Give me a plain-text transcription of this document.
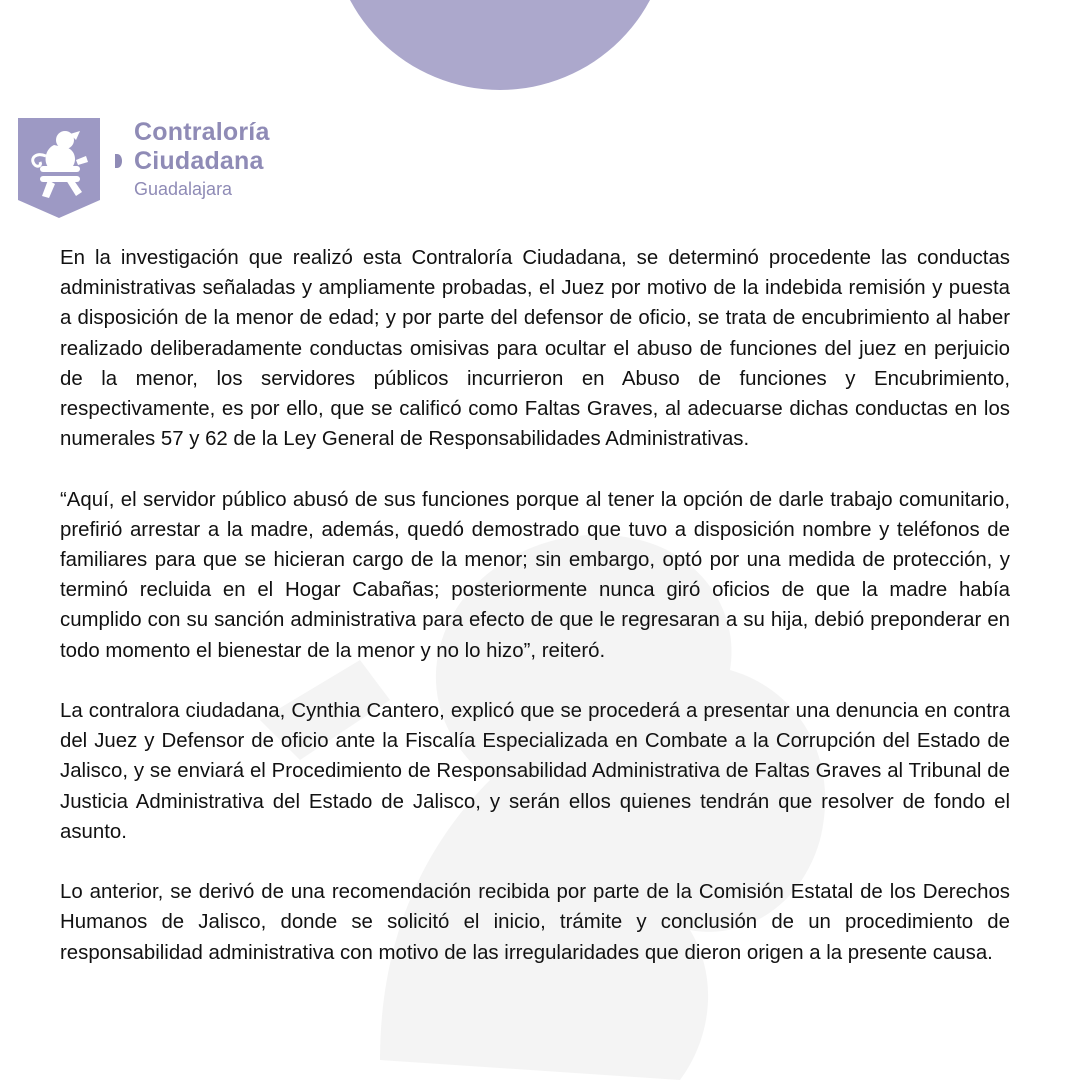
Contraloría
Ciudadana
Guadalajara

En la investigación que realizó esta Contraloría Ciudadana, se determinó procedente las conductas administrativas señaladas y ampliamente probadas, el Juez por motivo de la indebida remisión y puesta a disposición de la menor de edad; y por parte del defensor de oficio, se trata de encubrimiento al haber realizado deliberadamente conductas omisivas para ocultar el abuso de funciones del juez en perjuicio de la menor, los servidores públicos incurrieron en Abuso de funciones y Encubrimiento, respectivamente, es por ello, que se calificó como Faltas Graves, al adecuarse dichas conductas en los numerales 57 y 62 de la Ley General de Responsabilidades Administrativas.

“Aquí, el servidor público abusó de sus funciones porque al tener la opción de darle trabajo comunitario, prefirió arrestar a la madre, además, quedó demostrado que tuvo a disposición nombre y teléfonos de familiares para que se hicieran cargo de la menor; sin embargo, optó por una medida de protección, y terminó recluida en el Hogar Cabañas; posteriormente nunca giró oficios de que la madre había cumplido con su sanción administrativa para efecto de que le regresaran a su hija, debió preponderar en todo momento el bienestar de la menor y no lo hizo”, reiteró.

La contralora ciudadana, Cynthia Cantero, explicó que se procederá a presentar una denuncia en contra del Juez y Defensor de oficio ante la Fiscalía Especializada en Combate a la Corrupción del Estado de Jalisco, y se enviará el Procedimiento de Responsabilidad Administrativa de Faltas Graves al Tribunal de Justicia Administrativa del Estado de Jalisco, y serán ellos quienes tendrán que resolver de fondo el asunto.

Lo anterior, se derivó de una recomendación recibida por parte de la Comisión Estatal de los Derechos Humanos de Jalisco, donde se solicitó el inicio, trámite y conclusión de un procedimiento de responsabilidad administrativa con motivo de las irregularidades que dieron origen a la presente causa.
